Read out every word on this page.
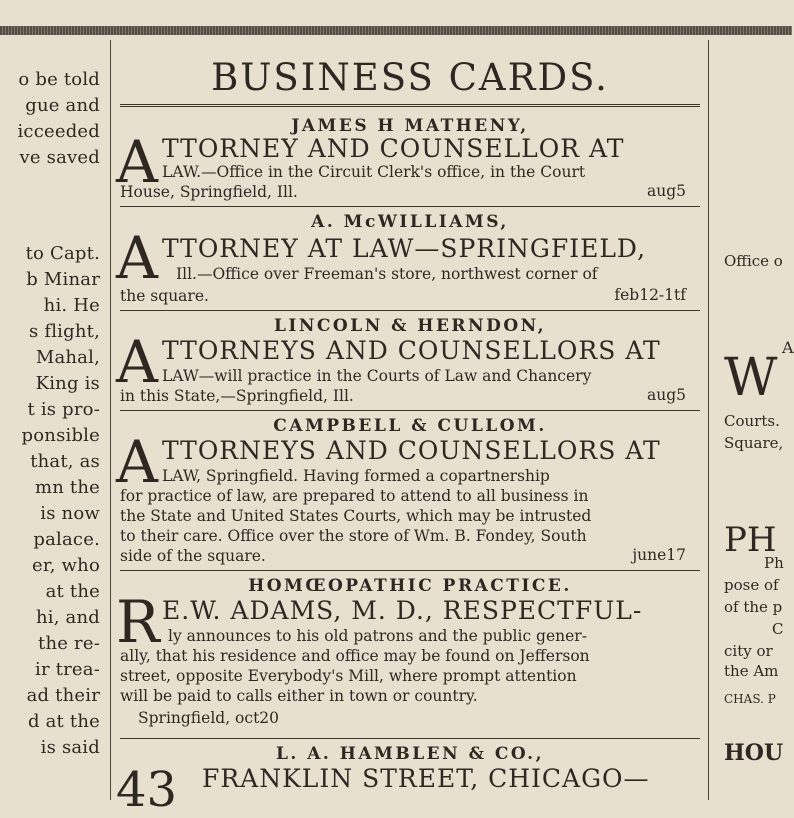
o be told
gue and
icceeded
ve saved
to Capt.
b Minar
hi. He
s flight,
Mahal,
King is
t is pro-
ponsible
that, as
mn the
is now
palace.
er, who
at the
hi, and
the re-
ir trea-
ad their
d at the
is said
BUSINESS CARDS.
JAMES H MATHENY,
A TTORNEY AND COUNSELLOR AT
LAW.—Office in the Circuit Clerk's office, in the Court
House, Springfield, Ill.	aug5
A. McWILLIAMS,
A TTORNEY AT LAW—SPRINGFIELD,
Ill.—Office over Freeman's store, northwest corner of
the square.	feb12-1tf
LINCOLN & HERNDON,
A TTORNEYS AND COUNSELLORS AT
LAW—will practice in the Courts of Law and Chancery
in this State,—Springfield, Ill.	aug5
CAMPBELL & CULLOM.
A TTORNEYS AND COUNSELLORS AT
LAW, Springfield. Having formed a copartnership
for practice of law, are prepared to attend to all business in
the State and United States Courts, which may be intrusted
to their care. Office over the store of Wm. B. Fondey, South
side of the square.	june17
HOMŒOPATHIC PRACTICE.
R E.W. ADAMS, M. D., RESPECTFUL-
ly announces to his old patrons and the public gener-
ally, that his residence and office may be found on Jefferson
street, opposite Everybody's Mill, where prompt attention
will be paid to calls either in town or country.
Springfield, oct20
L. A. HAMBLEN & CO.,
43 FRANKLIN STREET, CHICAGO—
Office o
A
W
Courts.
Square,
PH
Ph
pose of
of the p
C
city or
the Am
CHAS. P
HOU
